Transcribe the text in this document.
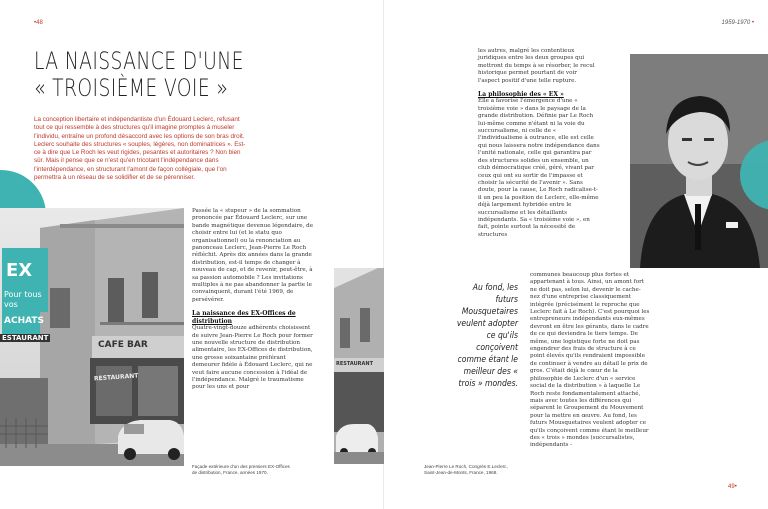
•48
LA NAISSANCE D'UNE
« TROISIÈME VOIE »

La conception libertaire et indépendantiste d'un Édouard Leclerc, refusant tout ce qui ressemble à des structures qu'il imagine promptes à museler l'individu, entraîne un profond désaccord avec les options de son bras droit. Leclerc souhaite des structures « souples, légères, non dominatrices ». Est-ce à dire que Le Roch les veut rigides, pesantes et autoritaires ? Non bien sûr. Mais il pense que ce n'est qu'en tricotant l'indépendance dans l'interdépendance, en structurant l'amont de façon collégiale, que l'on permettra à un réseau de se solidifier et de se pérenniser.

EX
Pour tous
vos
ACHATS
ESTAURANT
CAFE BAR
RESTAURANT

Façade extérieure d'un des premiers EX-Offices de distribution, France, années 1970.

Passée la « stupeur » de la sommation prononcée par Édouard Leclerc, sur une bande magnétique devenue légendaire, de choisir entre lui (et le statu quo organisationnel) ou la renonciation au panonceau Leclerc, Jean-Pierre Le Roch réfléchit. Après dix années dans la grande distribution, est-il temps de changer à nouveau de cap, et de revenir, peut-être, à sa passion automobile ? Les invitations multiples à ne pas abandonner la partie le convainquent, durant l'été 1969, de persévérer.

La naissance des EX-Offices de distribution

Quatre-vingt-douze adhérents choisissent de suivre Jean-Pierre Le Roch pour former une nouvelle structure de distribution alimentaire, les EX-Offices de distribution, une grosse soixantaine préférant demeurer fidèle à Édouard Leclerc, qui ne veut faire aucune concession à l'idéal de l'indépendance. Malgré le traumatisme pour les uns et pour

1959-1970 •

les autres, malgré les contentieux juridiques entre les deux groupes qui mettront du temps à se résorber, le recul historique permet pourtant de voir l'aspect positif d'une telle rupture.

La philosophie des « EX »

Elle a favorisé l'émergence d'une « troisième voie » dans le paysage de la grande distribution. Définie par Le Roch lui-même comme n'étant ni la voie du succursalisme, ni celle de « l'individualisme à outrance, elle est celle qui nous laissera notre indépendance dans l'unité nationale, celle qui garantira par des structures solides un ensemble, un club démocratique créé, géré, vivant par ceux qui ont su sortir de l'impasse et choisir la sécurité de l'avenir ». Sans doute, pour la cause, Le Roch radicalise-t-il un peu la position de Leclerc, elle-même déjà largement hybridée entre le succursalisme et les détaillants indépendants. Sa « troisième voie », en fait, pointe surtout la nécessité de structures

communes beaucoup plus fortes et appartenant à tous. Ainsi, un amont fort ne doit pas, selon lui, devenir le cache-nez d'une entreprise classiquement intégrée (précisément le reproche que Leclerc fait à Le Roch). C'est pourquoi les entrepreneurs indépendants eux-mêmes devront en être les gérants, dans le cadre de ce qui deviendra le tiers temps. De même, une logistique forte ne doit pas engendrer des frais de structure à ce point élevés qu'ils rendraient impossible de continuer à vendre au détail le prix de gros. C'était déjà le cœur de la philosophie de Leclerc d'un « service social de la distribution » à laquelle Le Roch reste fondamentalement attaché, mais avec toutes les différences qui séparent le Groupement du Mouvement pour la mettre en œuvre. Au fond, les futurs Mousquetaires veulent adopter ce qu'ils conçoivent comme étant le meilleur des « trois » mondes (succursalistes, indépendants -

49•
RESTAURANT

Jean-Pierre Le Roch, Congrès E.Leclerc, Saint-Jean-de-Monts, France, 1968.

Au fond, les futurs Mousquetaires veulent adopter ce qu'ils conçoivent comme étant le meilleur des « trois » mondes.
